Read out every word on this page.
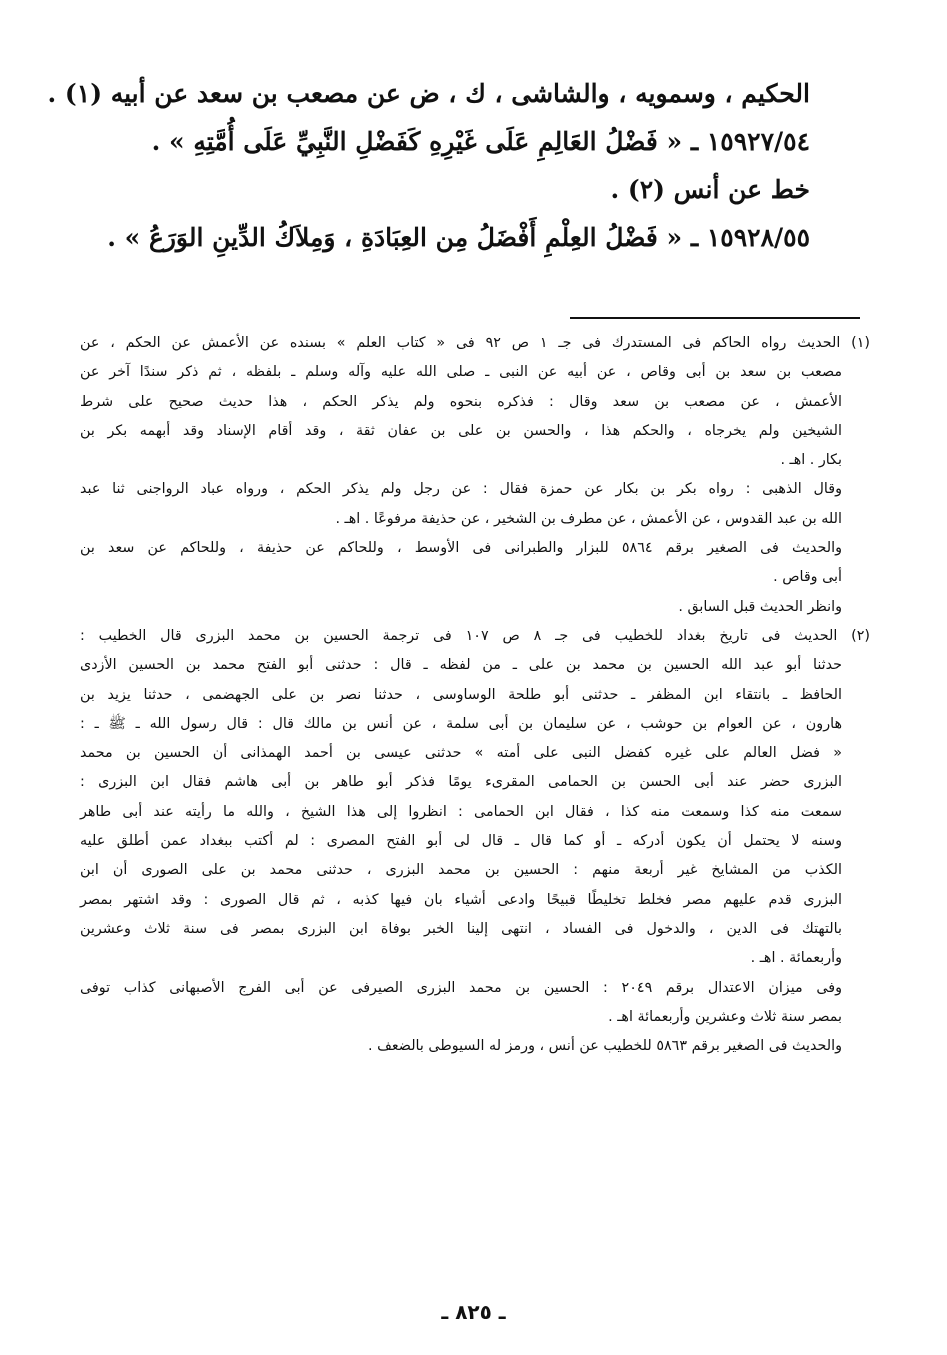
الحكيم ، وسمويه ، والشاشى ، ك ، ض عن مصعب بن سعد عن أبيه (١) .
١٥٩٢٧/٥٤ ـ « فَضْلُ العَالِمِ عَلَى غَيْرِهِ كَفَضْلِ النَّبِيِّ عَلَى أُمَّتِهِ » .
خط عن أنس (٢) .
١٥٩٢٨/٥٥ ـ « فَضْلُ العِلْمِ أَفْضَلُ مِن العِبَادَةِ ، وَمِلاَكُ الدِّينِ الوَرَعُ » .
(١) الحديث رواه الحاكم فى المستدرك فى جـ ١ ص ٩٢ فى « كتاب العلم » بسنده عن الأعمش عن الحكم ، عن
مصعب بن سعد بن أبى وقاص ، عن أبيه عن النبى ـ صلى الله عليه وآله وسلم ـ بلفظه ، ثم ذكر سندًا آخر عن
الأعمش ، عن مصعب بن سعد وقال : فذكره بنحوه ولم يذكر الحكم ، هذا حديث صحيح على شرط
الشيخين ولم يخرجاه ، والحكم هذا ، والحسن بن على بن عفان ثقة ، وقد أقام الإسناد وقد أبهمه بكر بن
بكار . اهـ .
وقال الذهبى : رواه بكر بن بكار عن حمزة فقال : عن رجل ولم يذكر الحكم ، ورواه عباد الرواجنى ثنا عبد
الله بن عبد القدوس ، عن الأعمش ، عن مطرف بن الشخير ، عن حذيفة مرفوعًا . اهـ .
والحديث فى الصغير برقم ٥٨٦٤ للبزار والطبرانى فى الأوسط ، وللحاكم عن حذيفة ، وللحاكم عن سعد بن
أبى وقاص .
وانظر الحديث قبل السابق .
(٢) الحديث فى تاريخ بغداد للخطيب فى جـ ٨ ص ١٠٧ فى ترجمة الحسين بن محمد البزرى قال الخطيب :
حدثنا أبو عبد الله الحسين بن محمد بن على ـ من لفظه ـ قال : حدثنى أبو الفتح محمد بن الحسين الأزدى
الحافظ ـ بانتقاء ابن المظفر ـ حدثنى أبو طلحة الوساوسى ، حدثنا نصر بن على الجهضمى ، حدثنا يزيد بن
هارون ، عن العوام بن حوشب ، عن سليمان بن أبى سلمة ، عن أنس بن مالك قال : قال رسول الله ـ ﷺ ـ :
« فضل العالم على غيره كفضل النبى على أمته » حدثنى عيسى بن أحمد الهمذانى أن الحسين بن محمد
البزرى حضر عند أبى الحسن بن الحمامى المقرىء يومًا فذكر أبو طاهر بن أبى هاشم فقال ابن البزرى :
سمعت منه كذا وسمعت منه كذا ، فقال ابن الحمامى : انظروا إلى هذا الشيخ ، والله ما رأيته عند أبى طاهر
وسنه لا يحتمل أن يكون أدركه ـ أو كما قال ـ قال لى أبو الفتح المصرى : لم أكتب ببغداد عمن أطلق عليه
الكذب من المشايخ غير أربعة منهم : الحسين بن محمد البزرى ، حدثنى محمد بن على الصورى أن ابن
البزرى قدم عليهم مصر فخلط تخليطًا قبيحًا وادعى أشياء بان فيها كذبه ، ثم قال الصورى : وقد اشتهر بمصر
بالتهتك فى الدين ، والدخول فى الفساد ، انتهى إلينا الخبر بوفاة ابن البزرى بمصر فى سنة ثلاث وعشرين
وأربعمائة . اهـ .
وفى ميزان الاعتدال برقم ٢٠٤٩ : الحسين بن محمد البزرى الصيرفى عن أبى الفرج الأصبهانى كذاب توفى
بمصر سنة ثلاث وعشرين وأربعمائة اهـ .
والحديث فى الصغير برقم ٥٨٦٣ للخطيب عن أنس ، ورمز له السيوطى بالضعف .
ـ ٨٢٥ ـ
